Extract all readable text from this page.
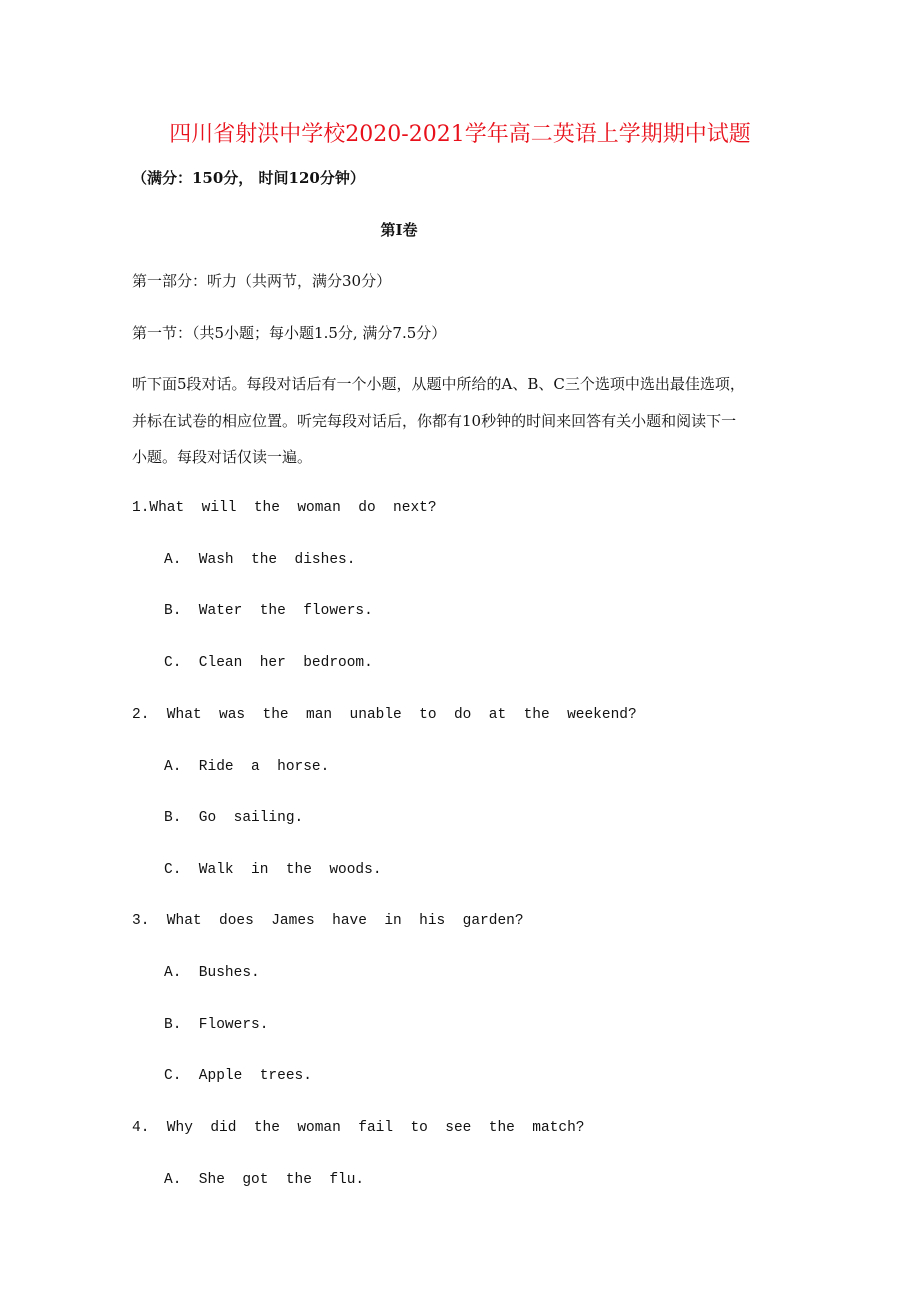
四川省射洪中学校2020-2021学年高二英语上学期期中试题
（满分：150分， 时间120分钟）
第Ⅰ卷
第一部分：听力（共两节，满分30分）
第一节：（共5小题；每小题1.5分, 满分7.5分）
听下面5段对话。每段对话后有一个小题，从题中所给的A、B、C三个选项中选出最佳选项，
并标在试卷的相应位置。听完每段对话后，你都有10秒钟的时间来回答有关小题和阅读下一
小题。每段对话仅读一遍。
1.What  will  the  woman  do  next?
A.  Wash  the  dishes.
B.  Water  the  flowers.
C.  Clean  her  bedroom.
2.  What  was  the  man  unable  to  do  at  the  weekend?
A.  Ride  a  horse.
B.  Go  sailing.
C.  Walk  in  the  woods.
3.  What  does  James  have  in  his  garden?
A.  Bushes.
B.  Flowers.
C.  Apple  trees.
4.  Why  did  the  woman  fail  to  see  the  match?
A.  She  got  the  flu.
